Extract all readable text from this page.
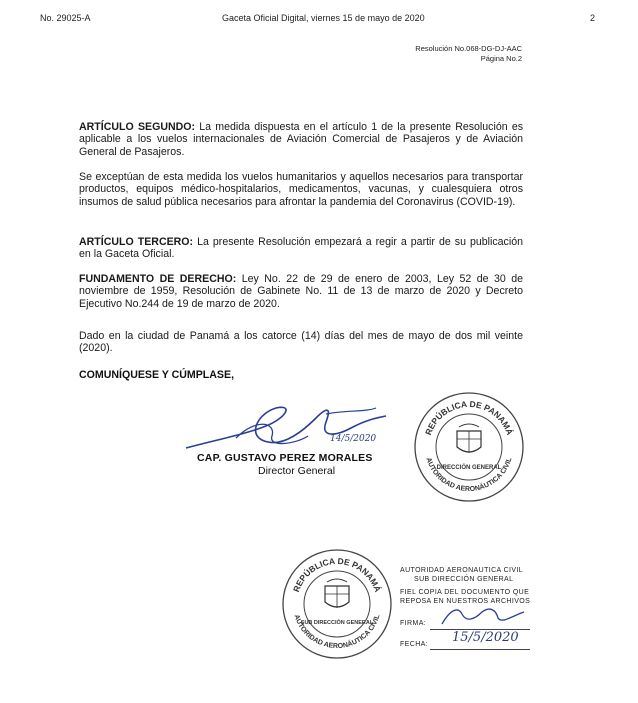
No. 29025-A	Gaceta Oficial Digital, viernes 15 de mayo de 2020	2
Resolución No.068-DG-DJ-AAC
Página No.2
ARTÍCULO SEGUNDO: La medida dispuesta en el artículo 1 de la presente Resolución es aplicable a los vuelos internacionales de Aviación Comercial de Pasajeros y de Aviación General de Pasajeros.
Se exceptúan de esta medida los vuelos humanitarios y aquellos necesarios para transportar productos, equipos médico-hospitalarios, medicamentos, vacunas, y cualesquiera otros insumos de salud pública necesarios para afrontar la pandemia del Coronavirus (COVID-19).
ARTÍCULO TERCERO: La presente Resolución empezará a regir a partir de su publicación en la Gaceta Oficial.
FUNDAMENTO DE DERECHO: Ley No. 22 de 29 de enero de 2003, Ley 52 de 30 de noviembre de 1959, Resolución de Gabinete No. 11 de 13 de marzo de 2020 y Decreto Ejecutivo No.244 de 19 de marzo de 2020.
Dado en la ciudad de Panamá a los catorce (14) días del mes de mayo de dos mil veinte (2020).
COMUNÍQUESE Y CÚMPLASE,
14/5/2020
CAP. GUSTAVO PEREZ MORALES
Director General
REPÚBLICA DE PANAMÁ
AUTORIDAD AERONÁUTICA CIVIL
DIRECCIÓN GENERAL
REPÚBLICA DE PANAMÁ
AUTORIDAD AERONÁUTICA CIVIL
SUB DIRECCIÓN GENERAL
AUTORIDAD AERONAUTICA CIVIL
SUB DIRECCIÓN GENERAL
FIEL COPIA DEL DOCUMENTO QUE
REPOSA EN NUESTROS ARCHIVOS
FIRMA:
FECHA: 15/5/2020
